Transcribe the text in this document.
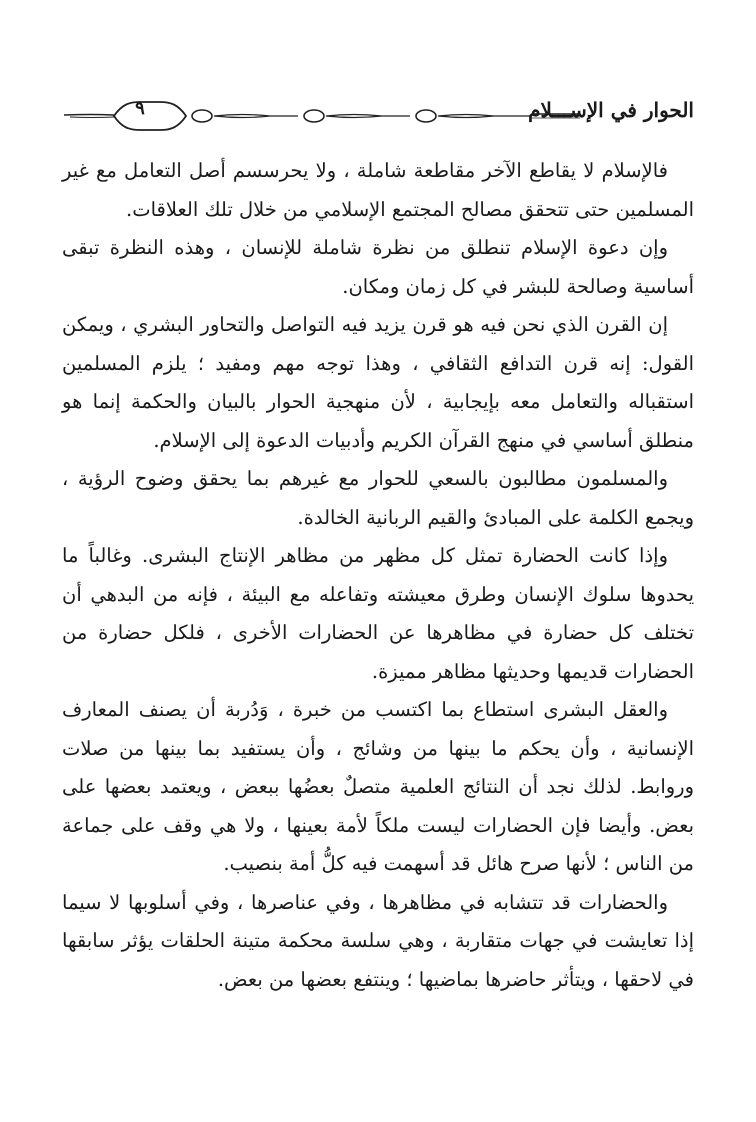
٩	الحوار في الإســـلام

فالإسلام لا يقاطع الآخر مقاطعة شاملة ، ولا يحرسسم أصل التعامل مع غير المسلمين حتى تتحقق مصالح المجتمع الإسلامي من خلال تلك العلاقات.

وإن دعوة الإسلام تنطلق من نظرة شاملة للإنسان ، وهذه النظرة تبقى أساسية وصالحة للبشر في كل زمان ومكان.

إن القرن الذي نحن فيه هو قرن يزيد فيه التواصل والتحاور البشري ، ويمكن القول: إنه قرن التدافع الثقافي ، وهذا توجه مهم ومفيد ؛ يلزم المسلمين استقباله والتعامل معه بإيجابية ، لأن منهجية الحوار بالبيان والحكمة إنما هو منطلق أساسي في منهج القرآن الكريم وأدبيات الدعوة إلى الإسلام.

والمسلمون مطالبون بالسعي للحوار مع غيرهم بما يحقق وضوح الرؤية ، ويجمع الكلمة على المبادئ والقيم الربانية الخالدة.

وإذا كانت الحضارة تمثل كل مظهر من مظاهر الإنتاج البشرى. وغالباً ما يحدوها سلوك الإنسان وطرق معيشته وتفاعله مع البيئة ، فإنه من البدهي أن تختلف كل حضارة في مظاهرها عن الحضارات الأخرى ، فلكل حضارة من الحضارات قديمها وحديثها مظاهر مميزة.

والعقل البشرى استطاع بما اكتسب من خبرة ، وَدُربة أن يصنف المعارف الإنسانية ، وأن يحكم ما بينها من وشائج ، وأن يستفيد بما بينها من صلات وروابط. لذلك نجد أن النتائج العلمية متصلٌ بعضُها ببعض ، ويعتمد بعضها على بعض. وأيضا فإن الحضارات ليست ملكاً لأمة بعينها ، ولا هي وقف على جماعة من الناس ؛ لأنها صرح هائل قد أسهمت فيه كلُّ أمة بنصيب.

والحضارات قد تتشابه في مظاهرها ، وفي عناصرها ، وفي أسلوبها لا سيما إذا تعايشت في جهات متقاربة ، وهي سلسة محكمة متينة الحلقات يؤثر سابقها في لاحقها ، ويتأثر حاضرها بماضيها ؛ وينتفع بعضها من بعض.
